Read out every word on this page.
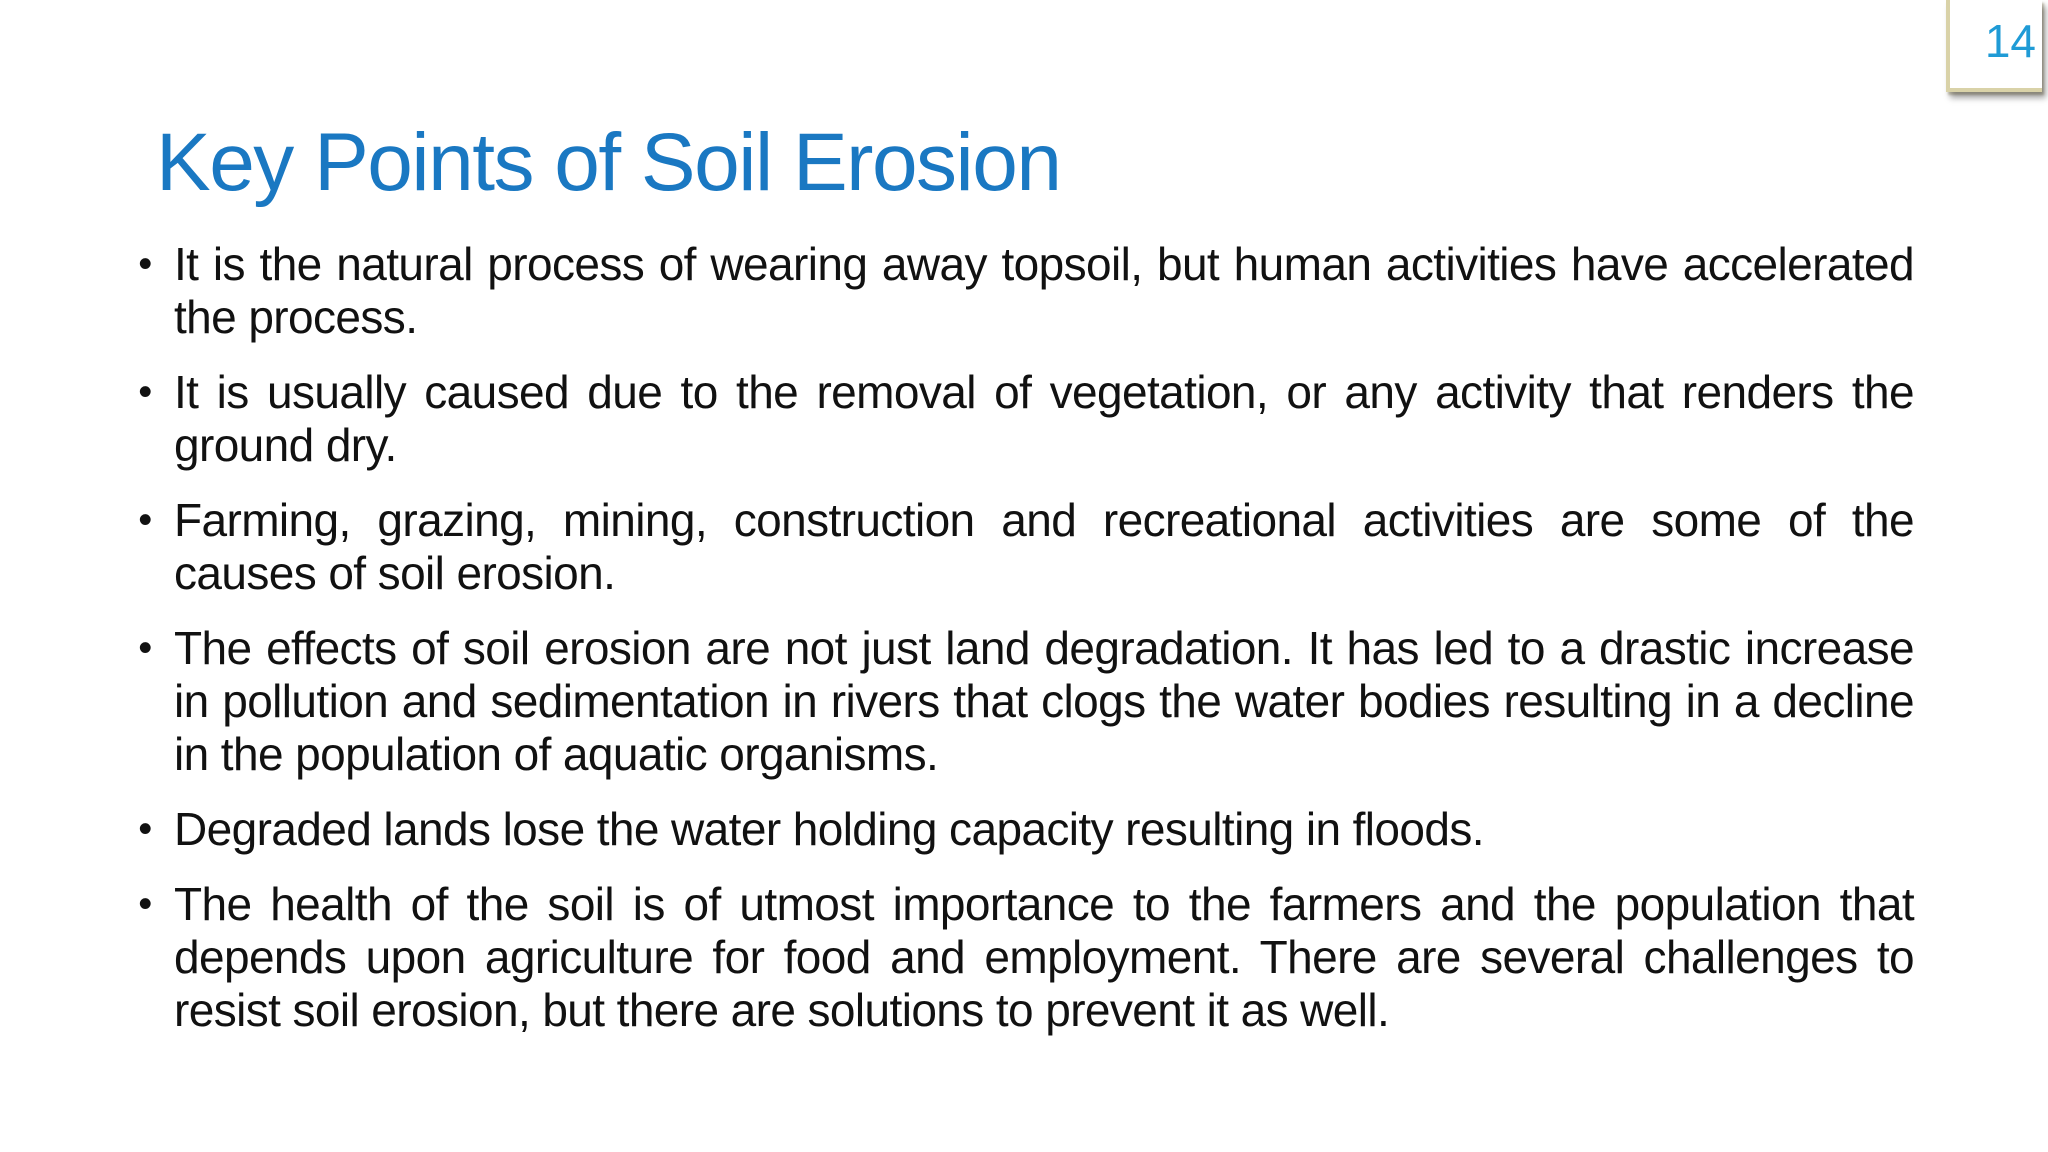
14
Key Points of Soil Erosion
• It is the natural process of wearing away topsoil, but human activities have accelerated the process.
• It is usually caused due to the removal of vegetation, or any activity that renders the ground dry.
• Farming, grazing, mining, construction and recreational activities are some of the causes of soil erosion.
• The effects of soil erosion are not just land degradation. It has led to a drastic increase in pollution and sedimentation in rivers that clogs the water bodies resulting in a decline in the population of aquatic organisms.
• Degraded lands lose the water holding capacity resulting in floods.
• The health of the soil is of utmost importance to the farmers and the population that depends upon agriculture for food and employment. There are several challenges to resist soil erosion, but there are solutions to prevent it as well.
